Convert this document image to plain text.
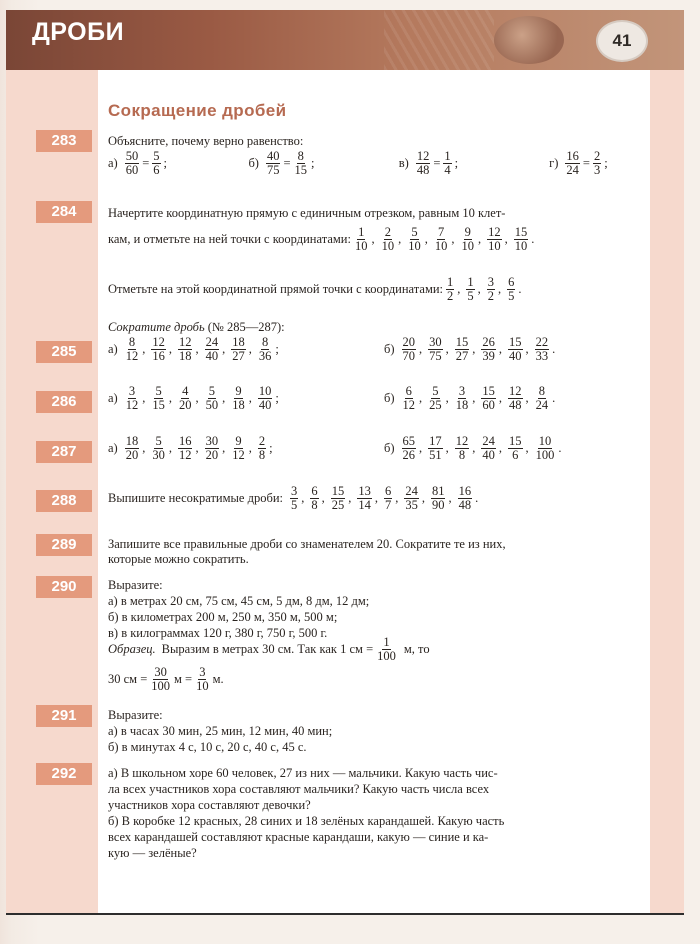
ДРОБИ	41
Сокращение дробей
283	Объясните, почему верно равенство:
$а) \frac{50}{60} = \frac{5}{6}$ ;	$б) \frac{40}{75} = \frac{8}{15}$ ;	$в) \frac{12}{48} = \frac{1}{4}$ ;	$г) \frac{16}{24} = \frac{2}{3}$ ;
284	Начертите координатную прямую с единичным отрезком, равным 10 клет-
кам, и отметьте на ней точки с координатами: $\frac{1}{10}$ , $\frac{2}{10}$ , $\frac{5}{10}$ , $\frac{7}{10}$ , $\frac{9}{10}$ , $\frac{12}{10}$ , $\frac{15}{10}$ .
Отметьте на этой координатной прямой точки с координатами: $\frac{1}{2}$ , $\frac{1}{5}$ , $\frac{3}{2}$ , $\frac{6}{5}$ .
Сократите дробь (№ 285—287):
285	$а) \frac{8}{12}$ , $\frac{12}{16}$ , $\frac{12}{18}$ , $\frac{24}{40}$ , $\frac{18}{27}$ , $\frac{8}{36}$ ;	$б) \frac{20}{70}$ , $\frac{30}{75}$ , $\frac{15}{27}$ , $\frac{26}{39}$ , $\frac{15}{40}$ , $\frac{22}{33}$ .
286	$а) \frac{3}{12}$ , $\frac{5}{15}$ , $\frac{4}{20}$ , $\frac{5}{50}$ , $\frac{9}{18}$ , $\frac{10}{40}$ ;	$б) \frac{6}{12}$ , $\frac{5}{25}$ , $\frac{3}{18}$ , $\frac{15}{60}$ , $\frac{12}{48}$ , $\frac{8}{24}$ .
287	$а) \frac{18}{20}$ , $\frac{5}{30}$ , $\frac{16}{12}$ , $\frac{30}{20}$ , $\frac{9}{12}$ , $\frac{2}{8}$ ;	$б) \frac{65}{26}$ , $\frac{17}{51}$ , $\frac{12}{8}$ , $\frac{24}{40}$ , $\frac{15}{6}$ , $\frac{10}{100}$ .
288	Выпишите несократимые дроби: $\frac{3}{5}$ , $\frac{6}{8}$ , $\frac{15}{25}$ , $\frac{13}{14}$ , $\frac{6}{7}$ , $\frac{24}{35}$ , $\frac{81}{90}$ , $\frac{16}{48}$ .
289	Запишите все правильные дроби со знаменателем 20. Сократите те из них,
которые можно сократить.
290	Выразите:
а) в метрах 20 см, 75 см, 45 см, 5 дм, 8 дм, 12 дм;
б) в километрах 200 м, 250 м, 350 м, 500 м;
в) в килограммах 120 г, 380 г, 750 г, 500 г.
Образец. Выразим в метрах 30 см. Так как 1 см = $\frac{1}{100} м$, то
30 см = $\frac{30}{100}$ $м = \frac{3}{10} м$.
291	Выразите:
а) в часах 30 мин, 25 мин, 12 мин, 40 мин;
б) в минутах 4 с, 10 с, 20 с, 40 с, 45 с.
292	а) В школьном хоре 60 человек, 27 из них — мальчики. Какую часть чис-
ла всех участников хора составляют мальчики? Какую часть числа всех
участников хора составляют девочки?
б) В коробке 12 красных, 28 синих и 18 зелёных карандашей. Какую часть
всех карандашей составляют красные карандаши, какую — синие и ка-
кую — зелёные?
